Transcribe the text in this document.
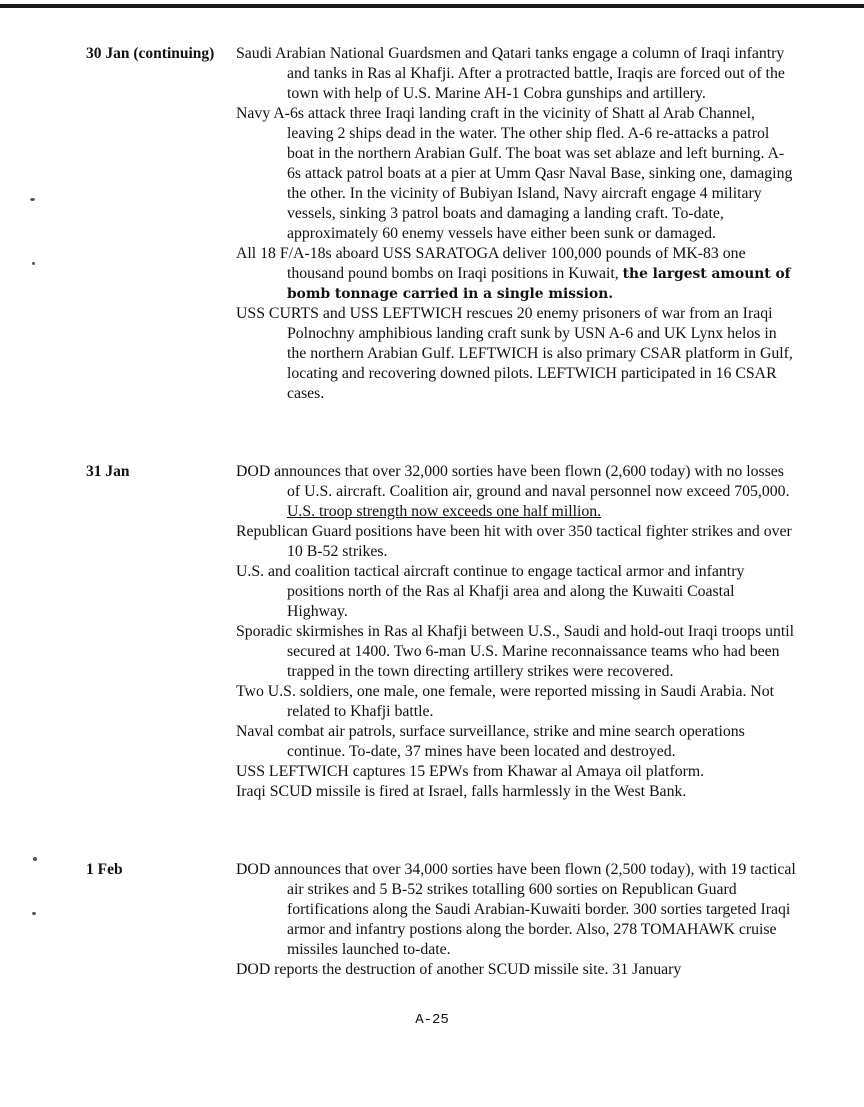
30 Jan (continuing) Saudi Arabian National Guardsmen and Qatari tanks engage a column of Iraqi infantry and tanks in Ras al Khafji. After a protracted battle, Iraqis are forced out of the town with help of U.S. Marine AH-1 Cobra gunships and artillery.

Navy A-6s attack three Iraqi landing craft in the vicinity of Shatt al Arab Channel, leaving 2 ships dead in the water. The other ship fled. A-6 re-attacks a patrol boat in the northern Arabian Gulf. The boat was set ablaze and left burning. A-6s attack patrol boats at a pier at Umm Qasr Naval Base, sinking one, damaging the other. In the vicinity of Bubiyan Island, Navy aircraft engage 4 military vessels, sinking 3 patrol boats and damaging a landing craft. To-date, approximately 60 enemy vessels have either been sunk or damaged.

All 18 F/A-18s aboard USS SARATOGA deliver 100,000 pounds of MK-83 one thousand pound bombs on Iraqi positions in Kuwait, the largest amount of bomb tonnage carried in a single mission.

USS CURTS and USS LEFTWICH rescues 20 enemy prisoners of war from an Iraqi Polnochny amphibious landing craft sunk by USN A-6 and UK Lynx helos in the northern Arabian Gulf. LEFTWICH is also primary CSAR platform in Gulf, locating and recovering downed pilots. LEFTWICH participated in 16 CSAR cases.

31 Jan	DOD announces that over 32,000 sorties have been flown (2,600 today) with no losses of U.S. aircraft. Coalition air, ground and naval personnel now exceed 705,000. U.S. troop strength now exceeds one half million.

Republican Guard positions have been hit with over 350 tactical fighter strikes and over 10 B-52 strikes.

U.S. and coalition tactical aircraft continue to engage tactical armor and infantry positions north of the Ras al Khafji area and along the Kuwaiti Coastal Highway.

Sporadic skirmishes in Ras al Khafji between U.S., Saudi and hold-out Iraqi troops until secured at 1400. Two 6-man U.S. Marine reconnaissance teams who had been trapped in the town directing artillery strikes were recovered.

Two U.S. soldiers, one male, one female, were reported missing in Saudi Arabia. Not related to Khafji battle.

Naval combat air patrols, surface surveillance, strike and mine search operations continue. To-date, 37 mines have been located and destroyed.

USS LEFTWICH captures 15 EPWs from Khawar al Amaya oil platform.

Iraqi SCUD missile is fired at Israel, falls harmlessly in the West Bank.

1 Feb	DOD announces that over 34,000 sorties have been flown (2,500 today), with 19 tactical air strikes and 5 B-52 strikes totalling 600 sorties on Republican Guard fortifications along the Saudi Arabian-Kuwaiti border. 300 sorties targeted Iraqi armor and infantry postions along the border. Also, 278 TOMAHAWK cruise missiles launched to-date.

DOD reports the destruction of another SCUD missile site. 31 January

A-25
